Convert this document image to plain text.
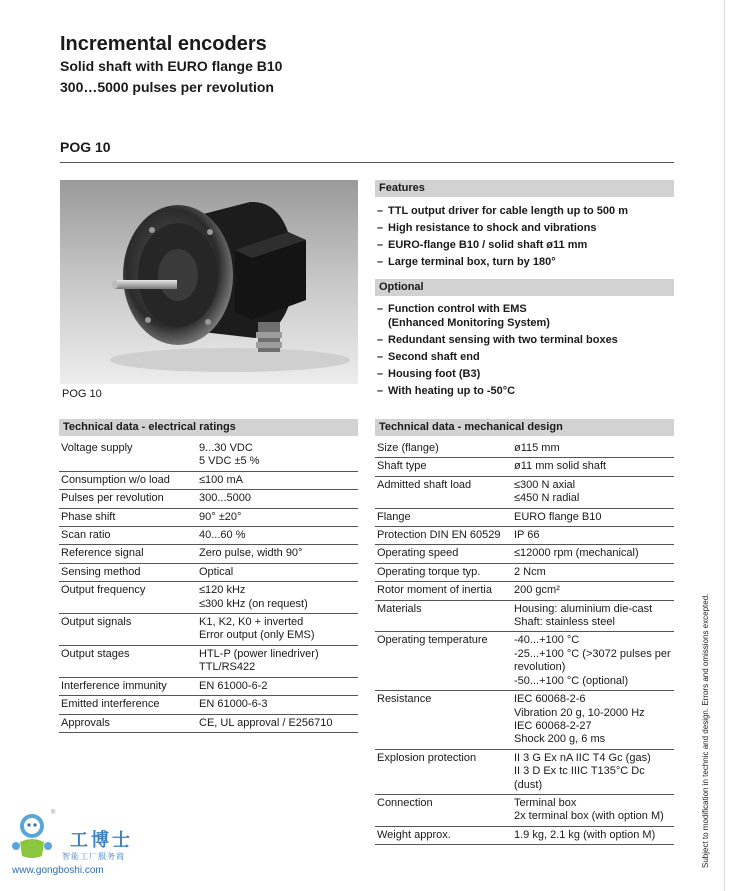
Incremental encoders
Solid shaft with EURO flange B10
300…5000 pulses per revolution
POG 10
POG 10
Features
– TTL output driver for cable length up to 500 m
– High resistance to shock and vibrations
– EURO-flange B10 / solid shaft ø11 mm
– Large terminal box, turn by 180°
Optional
– Function control with EMS
(Enhanced Monitoring System)
– Redundant sensing with two terminal boxes
– Second shaft end
– Housing foot (B3)
– With heating up to -50°C
Technical data - electrical ratings
Voltage supply	9...30 VDC
5 VDC ±5 %
Consumption w/o load	≤100 mA
Pulses per revolution	300...5000
Phase shift	90° ±20°
Scan ratio	40...60 %
Reference signal	Zero pulse, width 90°
Sensing method	Optical
Output frequency	≤120 kHz
≤300 kHz (on request)
Output signals	K1, K2, K0 + inverted
Error output (only EMS)
Output stages	HTL-P (power linedriver)
TTL/RS422
Interference immunity	EN 61000-6-2
Emitted interference	EN 61000-6-3
Approvals	CE, UL approval / E256710
Technical data - mechanical design
Size (flange)	ø115 mm
Shaft type	ø11 mm solid shaft
Admitted shaft load	≤300 N axial
≤450 N radial
Flange	EURO flange B10
Protection DIN EN 60529	IP 66
Operating speed	≤12000 rpm (mechanical)
Operating torque typ.	2 Ncm
Rotor moment of inertia	200 gcm²
Materials	Housing: aluminium die-cast
Shaft: stainless steel
Operating temperature	-40...+100 °C
-25...+100 °C (>3072 pulses per
revolution)
-50...+100 °C (optional)
Resistance	IEC 60068-2-6
Vibration 20 g, 10-2000 Hz
IEC 60068-2-27
Shock 200 g, 6 ms
Explosion protection	II 3 G Ex nA IIC T4 Gc (gas)
II 3 D Ex tc IIIC T135°C Dc
(dust)
Connection	Terminal box
2x terminal box (with option M)
Weight approx.	1.9 kg, 2.1 kg (with option M)	Subject to modification in technic and design. Errors and omissions excepted.
®
工博士
智能工厂服务商
www.gongboshi.com
